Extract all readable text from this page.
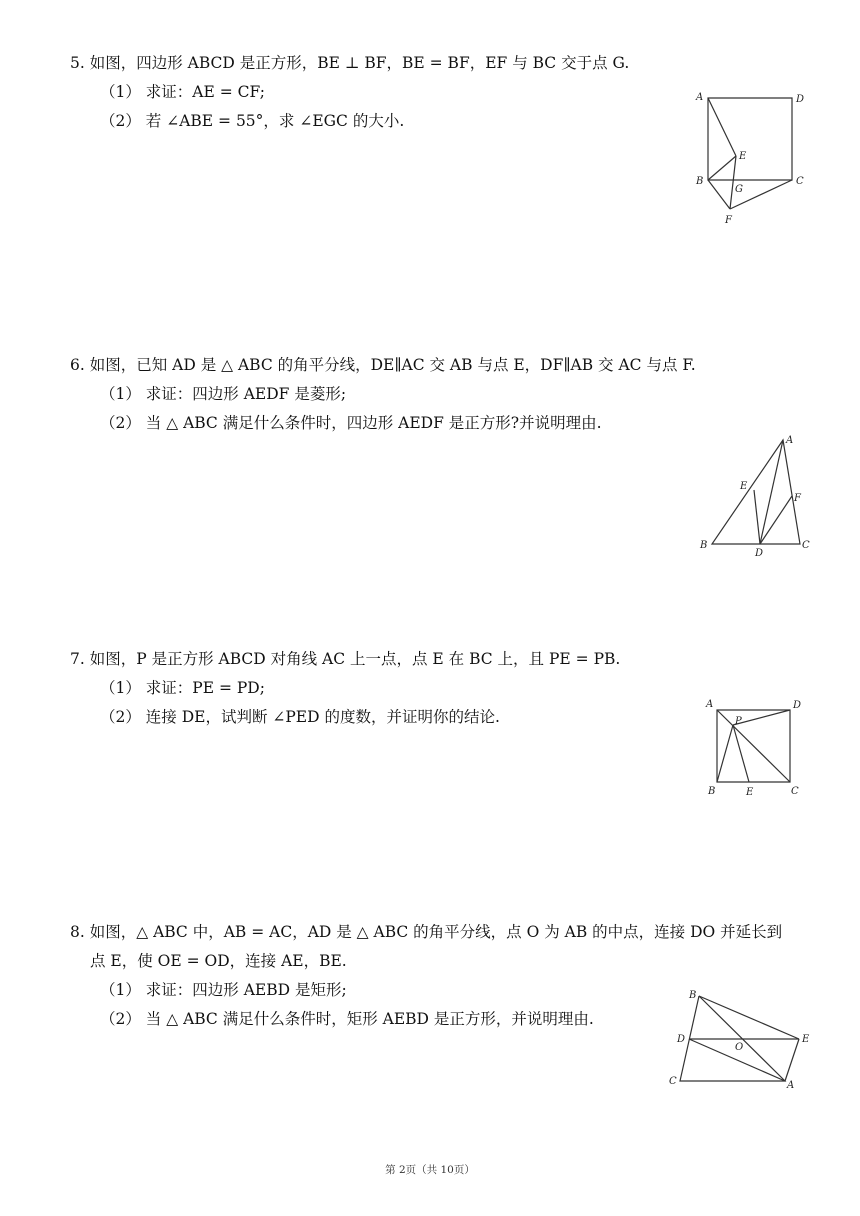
5. 如图，四边形 ABCD 是正方形，BE ⊥ BF，BE = BF，EF 与 BC 交于点 G.
（1） 求证：AE = CF;
（2） 若 ∠ABE = 55°，求 ∠EGC 的大小.
A	D
E
B
G
C
F
6. 如图，已知 AD 是 △ ABC 的角平分线，DE∥AC 交 AB 与点 E，DF∥AB 交 AC 与点 F.
（1） 求证：四边形 AEDF 是菱形;
（2） 当 △ ABC 满足什么条件时，四边形 AEDF 是正方形?并说明理由.
A
E
F
B
D
C
7. 如图，P 是正方形 ABCD 对角线 AC 上一点，点 E 在 BC 上，且 PE = PB.
（1） 求证：PE = PD;
（2） 连接 DE，试判断 ∠PED 的度数，并证明你的结论.
A	D
P
B	E	C
8. 如图，△ ABC 中，AB = AC，AD 是 △ ABC 的角平分线，点 O 为 AB 的中点，连接 DO 并延长到
点 E，使 OE = OD，连接 AE，BE.
（1） 求证：四边形 AEBD 是矩形;
（2） 当 △ ABC 满足什么条件时，矩形 AEBD 是正方形，并说明理由.
B
D
O
E
C	A
第 2页（共 10页）
